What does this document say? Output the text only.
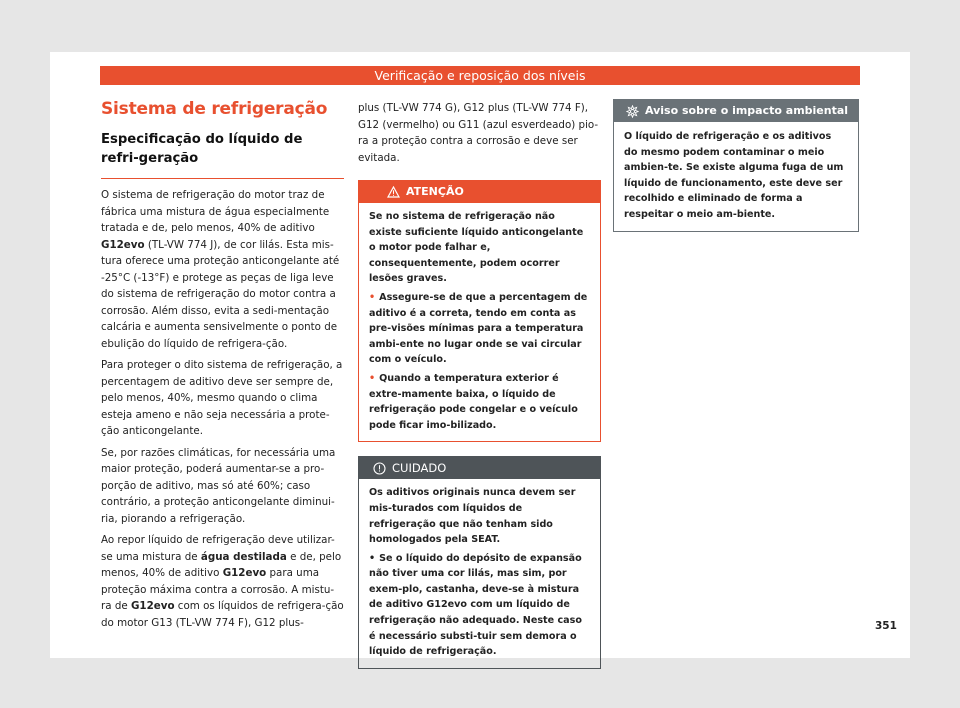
Verificação e reposição dos níveis
Sistema de refrigeração
Especificação do líquido de refri-geração

O sistema de refrigeração do motor traz de fábrica uma mistura de água especialmente tratada e de, pelo menos, 40% de aditivo G12evo (TL-VW 774 J), de cor lilás. Esta mis-tura oferece uma proteção anticongelante até -25°C (-13°F) e protege as peças de liga leve do sistema de refrigeração do motor contra a corrosão. Além disso, evita a sedi-mentação calcária e aumenta sensivelmente o ponto de ebulição do líquido de refrigera-ção.

Para proteger o dito sistema de refrigeração, a percentagem de aditivo deve ser sempre de, pelo menos, 40%, mesmo quando o clima esteja ameno e não seja necessária a prote-ção anticongelante.

Se, por razões climáticas, for necessária uma maior proteção, poderá aumentar-se a pro-porção de aditivo, mas só até 60%; caso contrário, a proteção anticongelante diminui-ria, piorando a refrigeração.

Ao repor líquido de refrigeração deve utilizar-se uma mistura de água destilada e de, pelo menos, 40% de aditivo G12evo para uma proteção máxima contra a corrosão. A mistu-ra de G12evo com os líquidos de refrigera-ção do motor G13 (TL-VW 774 F), G12 plus-

plus (TL-VW 774 G), G12 plus (TL-VW 774 F), G12 (vermelho) ou G11 (azul esverdeado) pio-ra a proteção contra a corrosão e deve ser evitada.

ATENÇÃO

Se no sistema de refrigeração não existe suficiente líquido anticongelante o motor pode falhar e, consequentemente, podem ocorrer lesões graves.

• Assegure-se de que a percentagem de aditivo é a correta, tendo em conta as pre-visões mínimas para a temperatura ambi-ente no lugar onde se vai circular com o veículo.

• Quando a temperatura exterior é extre-mamente baixa, o líquido de refrigeração pode congelar e o veículo pode ficar imo-bilizado.

CUIDADO

Os aditivos originais nunca devem ser mis-turados com líquidos de refrigeração que não tenham sido homologados pela SEAT.

• Se o líquido do depósito de expansão não tiver uma cor lilás, mas sim, por exem-plo, castanha, deve-se à mistura de aditivo G12evo com um líquido de refrigeração não adequado. Neste caso é necessário substi-tuir sem demora o líquido de refrigeração.

Aviso sobre o impacto ambiental

O líquido de refrigeração e os aditivos do mesmo podem contaminar o meio ambien-te. Se existe alguma fuga de um líquido de funcionamento, este deve ser recolhido e eliminado de forma a respeitar o meio am-biente.

351
